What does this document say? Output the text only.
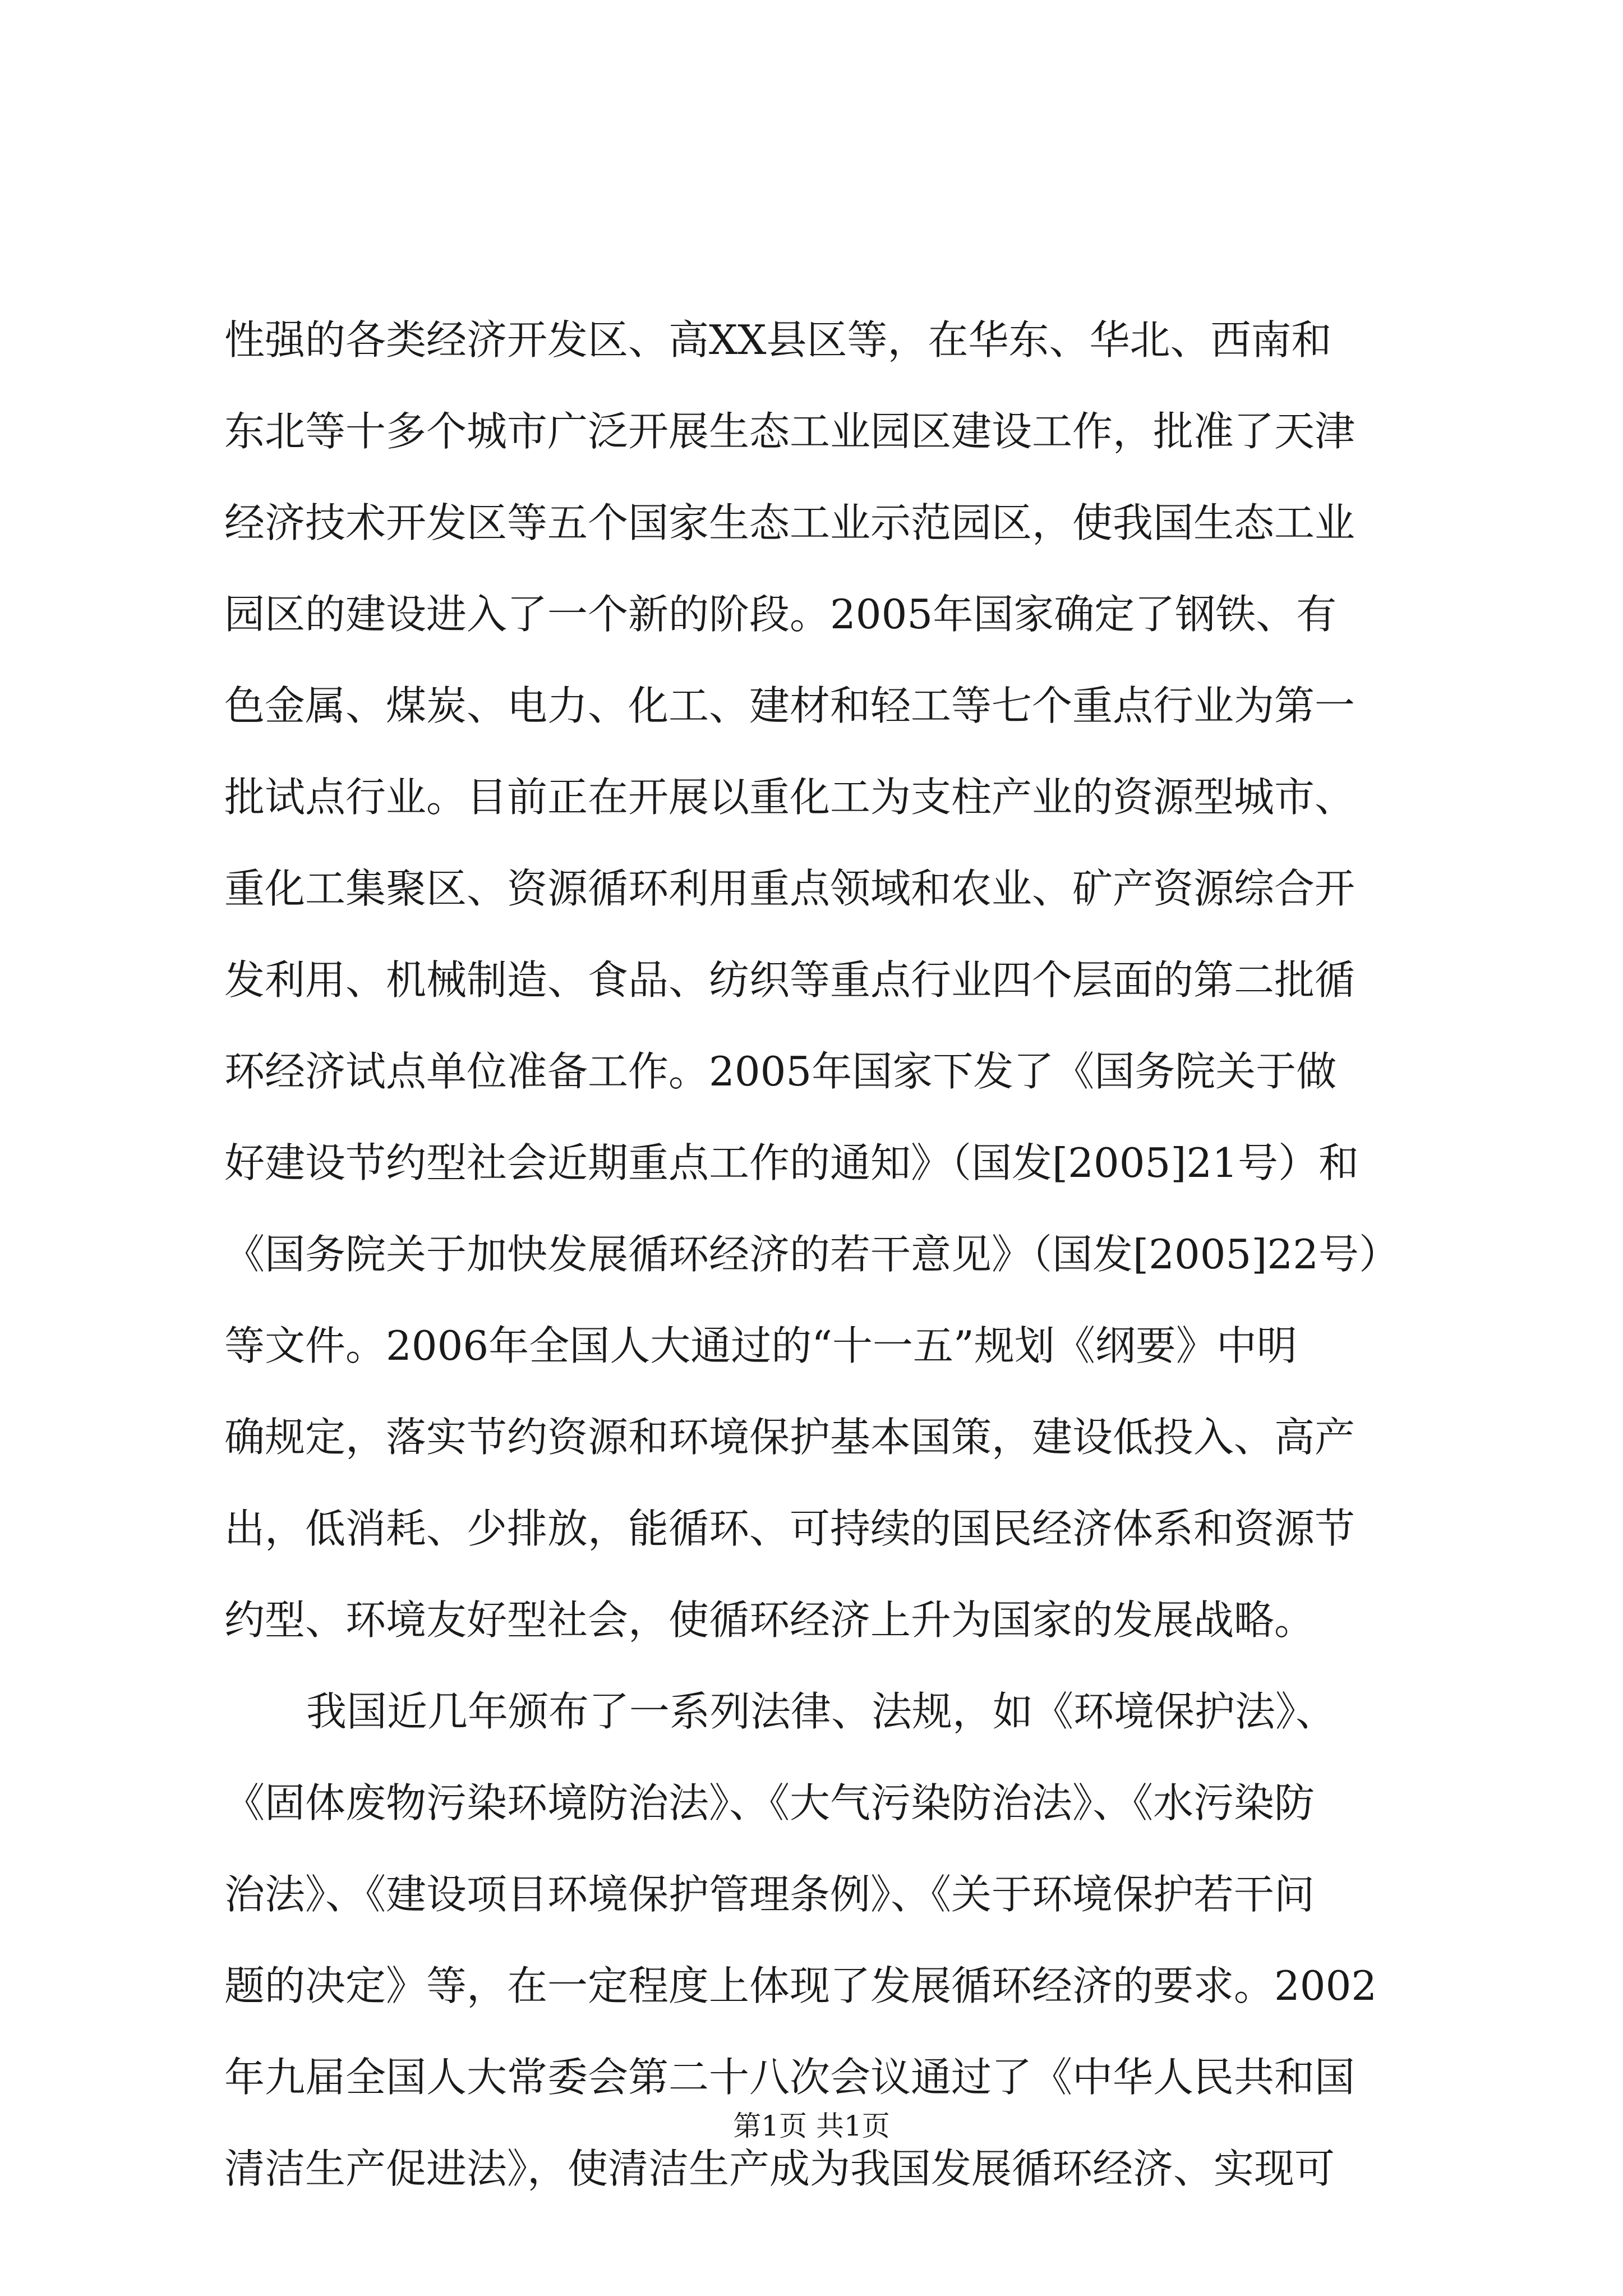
性强的各类经济开发区、高XX县区等，在华东、华北、西南和
东北等十多个城市广泛开展生态工业园区建设工作，批准了天津
经济技术开发区等五个国家生态工业示范园区，使我国生态工业
园区的建设进入了一个新的阶段。2005年国家确定了钢铁、有
色金属、煤炭、电力、化工、建材和轻工等七个重点行业为第一
批试点行业。目前正在开展以重化工为支柱产业的资源型城市、
重化工集聚区、资源循环利用重点领域和农业、矿产资源综合开
发利用、机械制造、食品、纺织等重点行业四个层面的第二批循
环经济试点单位准备工作。2005年国家下发了《国务院关于做
好建设节约型社会近期重点工作的通知》（国发[2005]21号）和
《国务院关于加快发展循环经济的若干意见》（国发[2005]22号）
等文件。2006年全国人大通过的“十一五”规划《纲要》中明
确规定，落实节约资源和环境保护基本国策，建设低投入、高产
出，低消耗、少排放，能循环、可持续的国民经济体系和资源节
约型、环境友好型社会，使循环经济上升为国家的发展战略。
我国近几年颁布了一系列法律、法规，如《环境保护法》、
《固体废物污染环境防治法》、《大气污染防治法》、《水污染防
治法》、《建设项目环境保护管理条例》、《关于环境保护若干问
题的决定》等，在一定程度上体现了发展循环经济的要求。2002
年九届全国人大常委会第二十八次会议通过了《中华人民共和国
清洁生产促进法》，使清洁生产成为我国发展循环经济、实现可
第1页 共1页
